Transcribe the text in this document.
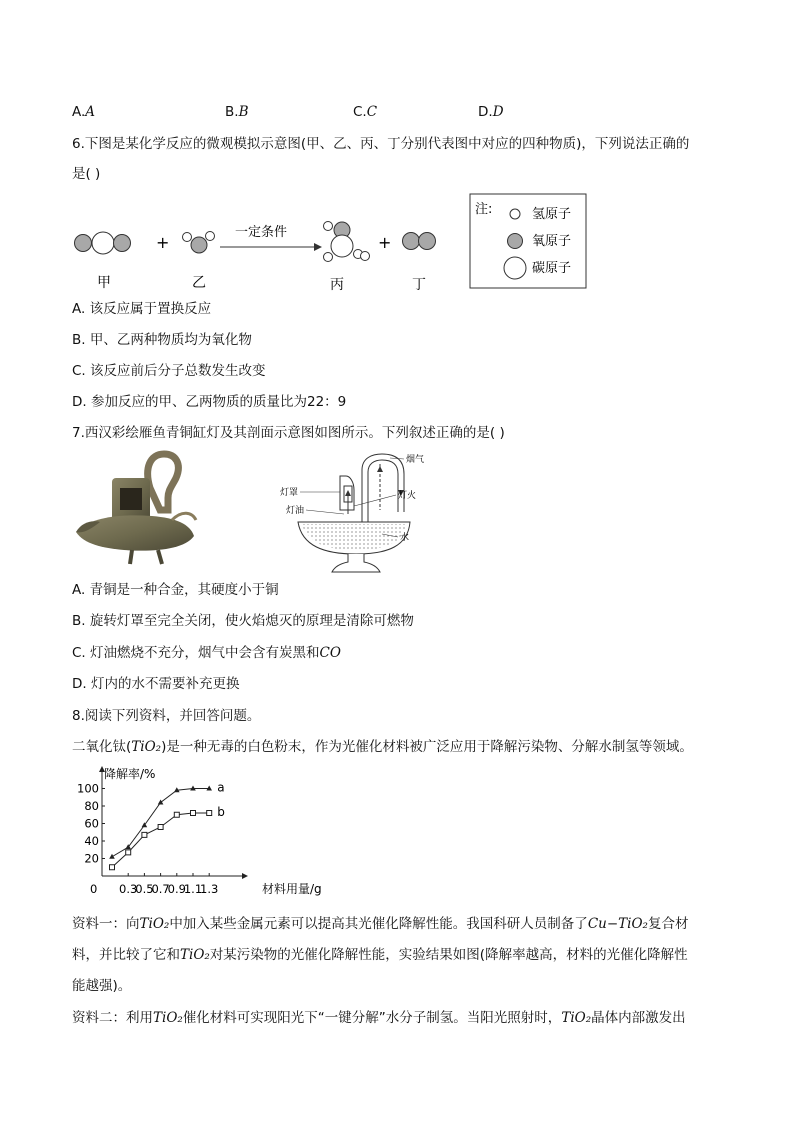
A.A	B.B	C.C	D.D
6.下图是某化学反应的微观模拟示意图(甲、乙、丙、丁分别代表图中对应的四种物质)，下列说法正确的
是( )
+
一定条件
+
甲	乙	丙	丁
注:	氢原子
氧原子
碳原子
A. 该反应属于置换反应
B. 甲、乙两种物质均为氧化物
C. 该反应前后分子总数发生改变
D. 参加反应的甲、乙两物质的质量比为22：9
7.西汉彩绘雁鱼青铜缸灯及其剖面示意图如图所示。下列叙述正确的是( )
烟气
灯罩	灯火
灯油
水
A. 青铜是一种合金，其硬度小于铜
B. 旋转灯罩至完全关闭，使火焰熄灭的原理是清除可燃物
C. 灯油燃烧不充分，烟气中会含有炭黑和CO
D. 灯内的水不需要补充更换
8.阅读下列资料，并回答问题。
二氧化钛(TiO₂)是一种无毒的白色粉末，作为光催化材料被广泛应用于降解污染物、分解水制氢等领域。
20
40
60
80
100
0 0.3
0.5
0.7
0.9
1.1
1.3
降解率/%
材料用量/g
a
b
资料一：向TiO₂中加入某些金属元素可以提高其光催化降解性能。我国科研人员制备了Cu−TiO₂复合材
料，并比较了它和TiO₂对某污染物的光催化降解性能，实验结果如图(降解率越高，材料的光催化降解性
能越强)。
资料二：利用TiO₂催化材料可实现阳光下“一键分解”水分子制氢。当阳光照射时，TiO₂晶体内部激发出
